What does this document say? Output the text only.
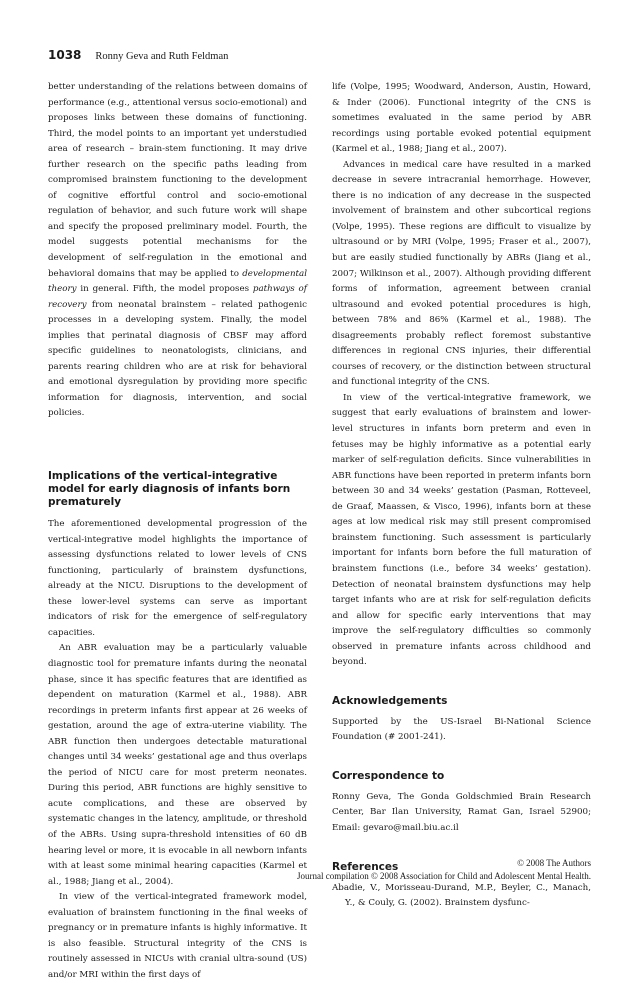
1038 Ronny Geva and Ruth Feldman

better understanding of the relations between domains of performance (e.g., attentional versus socio-emotional) and proposes links between these domains of functioning. Third, the model points to an important yet understudied area of research – brain-stem functioning. It may drive further research on the specific paths leading from compromised brainstem functioning to the development of cognitive effortful control and socio-emotional regulation of behavior, and such future work will shape and specify the proposed preliminary model. Fourth, the model suggests potential mechanisms for the development of self-regulation in the emotional and behavioral domains that may be applied to developmental theory in general. Fifth, the model proposes pathways of recovery from neonatal brainstem – related pathogenic processes in a developing system. Finally, the model implies that perinatal diagnosis of CBSF may afford specific guidelines to neonatologists, clinicians, and parents rearing children who are at risk for behavioral and emotional dysregulation by providing more specific information for diagnosis, intervention, and social policies.

Implications of the vertical-integrative model for early diagnosis of infants born prematurely

The aforementioned developmental progression of the vertical-integrative model highlights the importance of assessing dysfunctions related to lower levels of CNS functioning, particularly of brainstem dysfunctions, already at the NICU. Disruptions to the development of these lower-level systems can serve as important indicators of risk for the emergence of self-regulatory capacities.

An ABR evaluation may be a particularly valuable diagnostic tool for premature infants during the neonatal phase, since it has specific features that are identified as dependent on maturation (Karmel et al., 1988). ABR recordings in preterm infants first appear at 26 weeks of gestation, around the age of extra-uterine viability. The ABR function then undergoes detectable maturational changes until 34 weeks’ gestational age and thus overlaps the period of NICU care for most preterm neonates. During this period, ABR functions are highly sensitive to acute complications, and these are observed by systematic changes in the latency, amplitude, or threshold of the ABRs. Using supra-threshold intensities of 60 dB hearing level or more, it is evocable in all newborn infants with at least some minimal hearing capacities (Karmel et al., 1988; Jiang et al., 2004).

In view of the vertical-integrated framework model, evaluation of brainstem functioning in the final weeks of pregnancy or in premature infants is highly informative. It is also feasible. Structural integrity of the CNS is routinely assessed in NICUs with cranial ultra-sound (US) and/or MRI within the first days of

life (Volpe, 1995; Woodward, Anderson, Austin, Howard, & Inder (2006). Functional integrity of the CNS is sometimes evaluated in the same period by ABR recordings using portable evoked potential equipment (Karmel et al., 1988; Jiang et al., 2007).

Advances in medical care have resulted in a marked decrease in severe intracranial hemorrhage. However, there is no indication of any decrease in the suspected involvement of brainstem and other subcortical regions (Volpe, 1995). These regions are difficult to visualize by ultrasound or by MRI (Volpe, 1995; Fraser et al., 2007), but are easily studied functionally by ABRs (Jiang et al., 2007; Wilkinson et al., 2007). Although providing different forms of information, agreement between cranial ultrasound and evoked potential procedures is high, between 78% and 86% (Karmel et al., 1988). The disagreements probably reflect foremost substantive differences in regional CNS injuries, their differential courses of recovery, or the distinction between structural and functional integrity of the CNS.

In view of the vertical-integrative framework, we suggest that early evaluations of brainstem and lower-level structures in infants born preterm and even in fetuses may be highly informative as a potential early marker of self-regulation deficits. Since vulnerabilities in ABR functions have been reported in preterm infants born between 30 and 34 weeks’ gestation (Pasman, Rotteveel, de Graaf, Maassen, & Visco, 1996), infants born at these ages at low medical risk may still present compromised brainstem functioning. Such assessment is particularly important for infants born before the full maturation of brainstem functions (i.e., before 34 weeks’ gestation). Detection of neonatal brainstem dysfunctions may help target infants who are at risk for self-regulation deficits and allow for specific early interventions that may improve the self-regulatory difficulties so commonly observed in premature infants across childhood and beyond.

Acknowledgements

Supported by the US-Israel Bi-National Science Foundation (# 2001-241).

Correspondence to

Ronny Geva, The Gonda Goldschmied Brain Research Center, Bar Ilan University, Ramat Gan, Israel 52900; Email: gevaro@mail.biu.ac.il

References

Abadie, V., Morisseau-Durand, M.P., Beyler, C., Manach, Y., & Couly, G. (2002). Brainstem dysfunc-

© 2008 The Authors
Journal compilation © 2008 Association for Child and Adolescent Mental Health.
